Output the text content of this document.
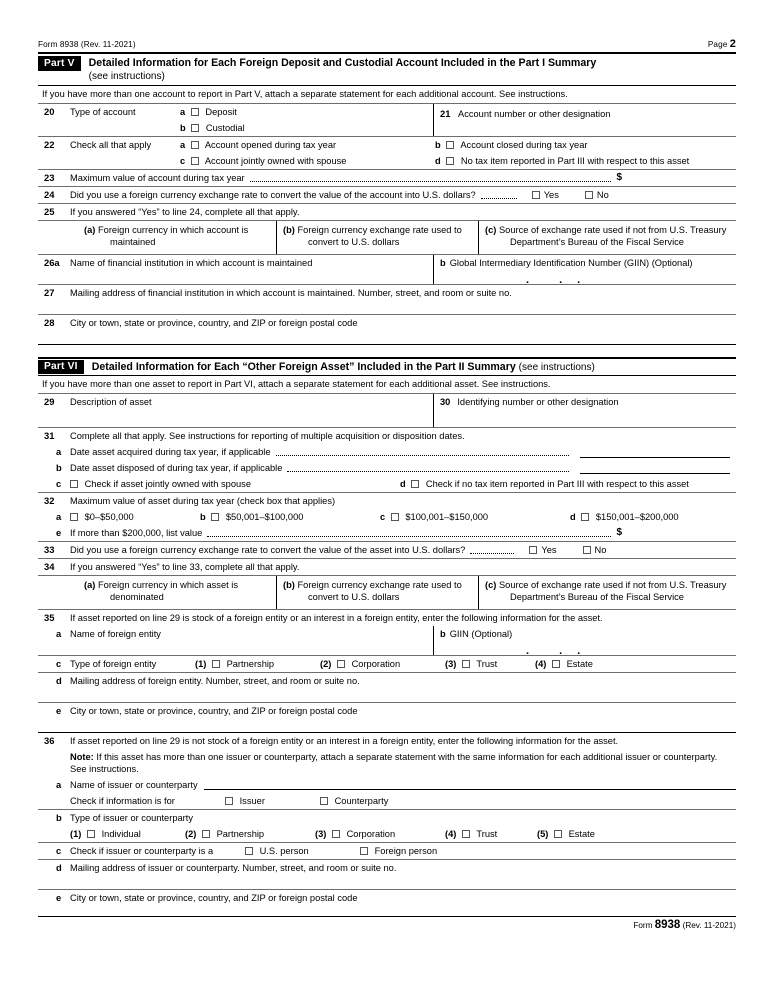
Form 8938 (Rev. 11-2021)	Page 2
Part V	Detailed Information for Each Foreign Deposit and Custodial Account Included in the Part I Summary
(see instructions)
If you have more than one account to report in Part V, attach a separate statement for each additional account. See instructions.
20	Type of account	a Deposit
b Custodial
21 Account number or other designation
22	Check all that apply	a Account opened during tax year	b Account closed during tax year
c Account jointly owned with spouse	d No tax item reported in Part III with respect to this asset
23	Maximum value of account during tax year	$
24	Did you use a foreign currency exchange rate to convert the value of the account into U.S. dollars?	Yes	No
25	If you answered “Yes” to line 24, complete all that apply.
(a) Foreign currency in which account is maintained
(b) Foreign currency exchange rate used to convert to U.S. dollars
(c) Source of exchange rate used if not from U.S. Treasury Department’s Bureau of the Fiscal Service
26a	Name of financial institution in which account is maintained	b Global Intermediary Identification Number (GIIN) (Optional)
.	. .
27	Mailing address of financial institution in which account is maintained. Number, street, and room or suite no.
28	City or town, state or province, country, and ZIP or foreign postal code
Part VI	Detailed Information for Each “Other Foreign Asset” Included in the Part II Summary (see instructions)
If you have more than one asset to report in Part VI, attach a separate statement for each additional asset. See instructions.
29	Description of asset	30 Identifying number or other designation
31	Complete all that apply. See instructions for reporting of multiple acquisition or disposition dates.
a Date asset acquired during tax year, if applicable
b Date asset disposed of during tax year, if applicable
c	Check if asset jointly owned with spouse	d Check if no tax item reported in Part III with respect to this asset
32	Maximum value of asset during tax year (check box that applies)
a	$0–$50,000	b $50,001–$100,000	c $100,001–$150,000	d $150,001–$200,000
e If more than $200,000, list value	$
33	Did you use a foreign currency exchange rate to convert the value of the asset into U.S. dollars?	Yes	No
34	If you answered “Yes” to line 33, complete all that apply.
(a) Foreign currency in which asset is denominated
(b) Foreign currency exchange rate used to convert to U.S. dollars
(c) Source of exchange rate used if not from U.S. Treasury Department’s Bureau of the Fiscal Service
35	If asset reported on line 29 is stock of a foreign entity or an interest in a foreign entity, enter the following information for the asset.
a Name of foreign entity	b GIIN (Optional)
.	. .
c Type of foreign entity	(1) Partnership	(2) Corporation	(3) Trust	(4) Estate
d Mailing address of foreign entity. Number, street, and room or suite no.
e City or town, state or province, country, and ZIP or foreign postal code
36	If asset reported on line 29 is not stock of a foreign entity or an interest in a foreign entity, enter the following information for the asset.
Note: If this asset has more than one issuer or counterparty, attach a separate statement with the same information for each additional issuer or counterparty. See instructions.
a Name of issuer or counterparty
Check if information is for	Issuer	Counterparty
b Type of issuer or counterparty
(1) Individual	(2) Partnership	(3) Corporation	(4) Trust	(5) Estate
c Check if issuer or counterparty is a	U.S. person	Foreign person
d Mailing address of issuer or counterparty. Number, street, and room or suite no.
e City or town, state or province, country, and ZIP or foreign postal code
Form 8938 (Rev. 11-2021)
